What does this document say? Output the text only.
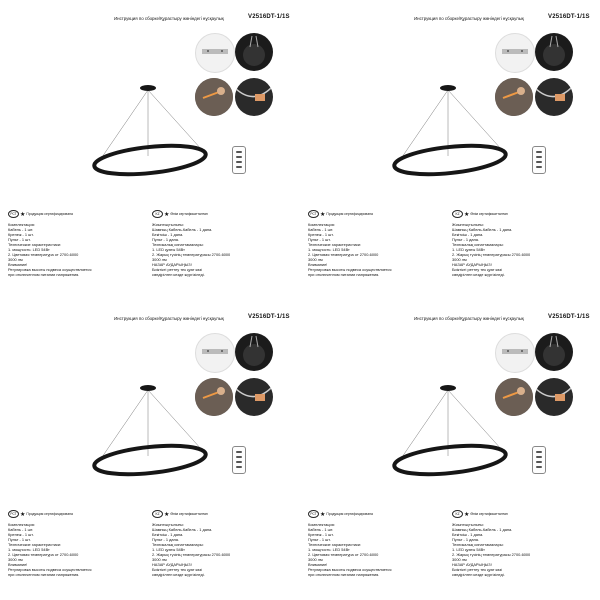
Инструкция по сборке/Құрастыру жөніндегі нұсқаулық	V2516DT-1/1S
РСТ ★Продукция сертифицирована	KZ ★Өнім сертификатталған

Комплектация:

Кабель - 1 шт.

Крепеж - 1 шт.

Пульт - 1 шт.

Технические характеристики:

1. мощность: LED 54Вт

2. Цветовая температура от 2700-6000

3000 лм

Внимание!

Регулировка высоты подвеса осуществляется

при отключенном питании напряжения.

Жиынтықтылығы:

Шамның Кабель-Кабель - 1 дана.

Бекіткіш - 1 дана.

Пульт - 1 дана.

Техникалық сипаттамалары:

1. LED қуаты 54Вт

2. Жарық түсінің температурасы 2700-6000

3000 лм

НАЗАР АУДАРЫҢЫЗ!

Биіктікті реттеу тек қуат көзі

сөндірілген кезде жүргізіледі.

Инструкция по сборке/Құрастыру жөніндегі нұсқаулық	V2516DT-1/1S
РСТ ★Продукция сертифицирована	KZ ★Өнім сертификатталған

Комплектация:

Кабель - 1 шт.

Крепеж - 1 шт.

Пульт - 1 шт.

Технические характеристики:

1. мощность: LED 54Вт

2. Цветовая температура от 2700-6000

3000 лм

Внимание!

Регулировка высоты подвеса осуществляется

при отключенном питании напряжения.

Жиынтықтылығы:

Шамның Кабель-Кабель - 1 дана.

Бекіткіш - 1 дана.

Пульт - 1 дана.

Техникалық сипаттамалары:

1. LED қуаты 54Вт

2. Жарық түсінің температурасы 2700-6000

3000 лм

НАЗАР АУДАРЫҢЫЗ!

Биіктікті реттеу тек қуат көзі

сөндірілген кезде жүргізіледі.

Инструкция по сборке/Құрастыру жөніндегі нұсқаулық	V2516DT-1/1S
РСТ ★Продукция сертифицирована	KZ ★Өнім сертификатталған

Комплектация:

Кабель - 1 шт.

Крепеж - 1 шт.

Пульт - 1 шт.

Технические характеристики:

1. мощность: LED 54Вт

2. Цветовая температура от 2700-6000

3000 лм

Внимание!

Регулировка высоты подвеса осуществляется

при отключенном питании напряжения.

Жиынтықтылығы:

Шамның Кабель-Кабель - 1 дана.

Бекіткіш - 1 дана.

Пульт - 1 дана.

Техникалық сипаттамалары:

1. LED қуаты 54Вт

2. Жарық түсінің температурасы 2700-6000

3000 лм

НАЗАР АУДАРЫҢЫЗ!

Биіктікті реттеу тек қуат көзі

сөндірілген кезде жүргізіледі.

Инструкция по сборке/Құрастыру жөніндегі нұсқаулық	V2516DT-1/1S
РСТ ★Продукция сертифицирована	KZ ★Өнім сертификатталған

Комплектация:

Кабель - 1 шт.

Крепеж - 1 шт.

Пульт - 1 шт.

Технические характеристики:

1. мощность: LED 54Вт

2. Цветовая температура от 2700-6000

3000 лм

Внимание!

Регулировка высоты подвеса осуществляется

при отключенном питании напряжения.

Жиынтықтылығы:

Шамның Кабель-Кабель - 1 дана.

Бекіткіш - 1 дана.

Пульт - 1 дана.

Техникалық сипаттамалары:

1. LED қуаты 54Вт

2. Жарық түсінің температурасы 2700-6000

3000 лм

НАЗАР АУДАРЫҢЫЗ!

Биіктікті реттеу тек қуат көзі

сөндірілген кезде жүргізіледі.
